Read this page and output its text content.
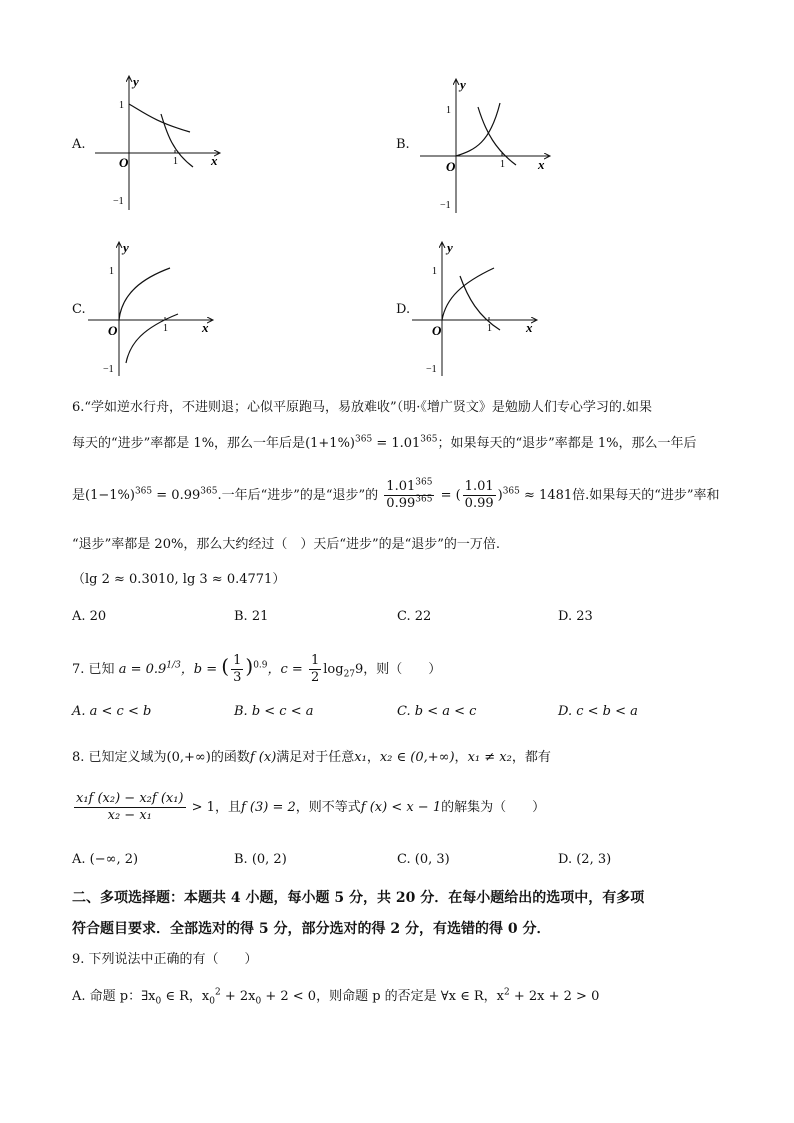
A.
y
x
O
1
−1
1
B.
y
x
O
1
−1
1
C.
y
x
O
1
−1
1
D.
y
x
O
1
−1
1
6.“学如逆水行舟，不进则退；心似平原跑马，易放难收”（明·《增广贤文》是勉励人们专心学习的.如果
每天的“进步”率都是 1%，那么一年后是$(1+1\%)^{365} = 1.01^{365}$；如果每天的“退步”率都是 1%，那么一年后
是$(1-1\%)^{365} = 0.99^{365}$.一年后“进步”的是“退步”的 $\frac{1.01^{365}}{0.99^{365}}$ = ( $\frac{1.01}{0.99} )^{365} \approx 1481$倍.如果每天的“进步”率和
“退步”率都是 20%，那么大约经过（　）天后“进步”的是“退步”的一万倍.
（lg 2 ≈ 0.3010, lg 3 ≈ 0.4771）
A. 20	B. 21	C. 22	D. 23
7. 已知 $a = 0.9^{1/3}$，b = ( $\frac{1}{3} )^{0.9}$，$c = \frac{1}{2} \log_{27}9$，则（　　）
A. a < c < b	B. b < c < a	C. b < a < c	D. c < b < a
8. 已知定义域为(0,+∞)的函数f (x)满足对于任意x₁，x₂ ∈ (0,+∞)，x₁ ≠ x₂，都有
$\frac{\text{x₁f (x₂) − x₂f (x₁)}}{\text{x₂ − x₁}} > 1$，且f (3) = 2，则不等式f (x) < x − 1的解集为（　　）
A. (−∞, 2)	B. (0, 2)	C. (0, 3)	D. (2, 3)
二、多项选择题：本题共 4 小题，每小题 5 分，共 20 分．在每小题给出的选项中，有多项
符合题目要求．全部选对的得 5 分，部分选对的得 2 分，有选错的得 0 分．
9. 下列说法中正确的有（　　）
A. 命题 p：$\exists x_0$ ∈ R，$x_0^2 + 2x_0 + 2 < 0$，则命题 p 的否定是 ∀x ∈ R，$x^2 + 2x + 2 > 0$
